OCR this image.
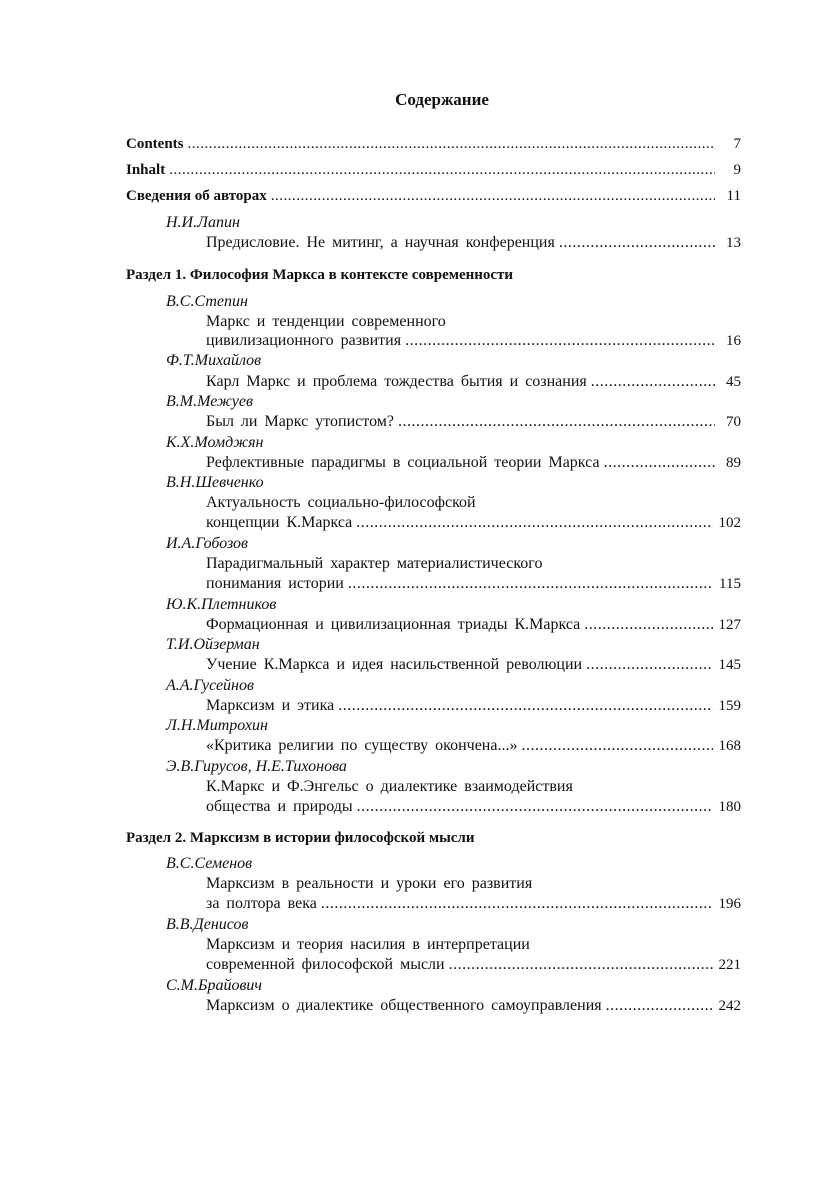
Содержание
Contents .....	7
Inhalt .....	9
Сведения об авторах .....	11
Н.И.Лапин
Предисловие. Не митинг, а научная конференция .....	13
Раздел 1. Философия Маркса в контексте современности
В.С.Степин
Маркс и тенденции современного
цивилизационного развития .....	16
Ф.Т.Михайлов
Карл Маркс и проблема тождества бытия и сознания .....	45
В.М.Межуев
Был ли Маркс утопистом? .....	70
К.Х.Момджян
Рефлективные парадигмы в социальной теории Маркса .....	89
В.Н.Шевченко
Актуальность социально-философской
концепции К.Маркса .....	102
И.А.Гобозов
Парадигмальный характер материалистического
понимания истории .....	115
Ю.К.Плетников
Формационная и цивилизационная триады К.Маркса .....	127
Т.И.Ойзерман
Учение К.Маркса и идея насильственной революции .....	145
А.А.Гусейнов
Марксизм и этика .....	159
Л.Н.Митрохин
«Критика религии по существу окончена...» .....	168
Э.В.Гирусов, Н.Е.Тихонова
К.Маркс и Ф.Энгельс о диалектике взаимодействия
общества и природы .....	180
Раздел 2. Марксизм в истории философской мысли
В.С.Семенов
Марксизм в реальности и уроки его развития
за полтора века .....	196
В.В.Денисов
Марксизм и теория насилия в интерпретации
современной философской мысли .....	221
С.М.Брайович
Марксизм о диалектике общественного самоуправления .....	242
